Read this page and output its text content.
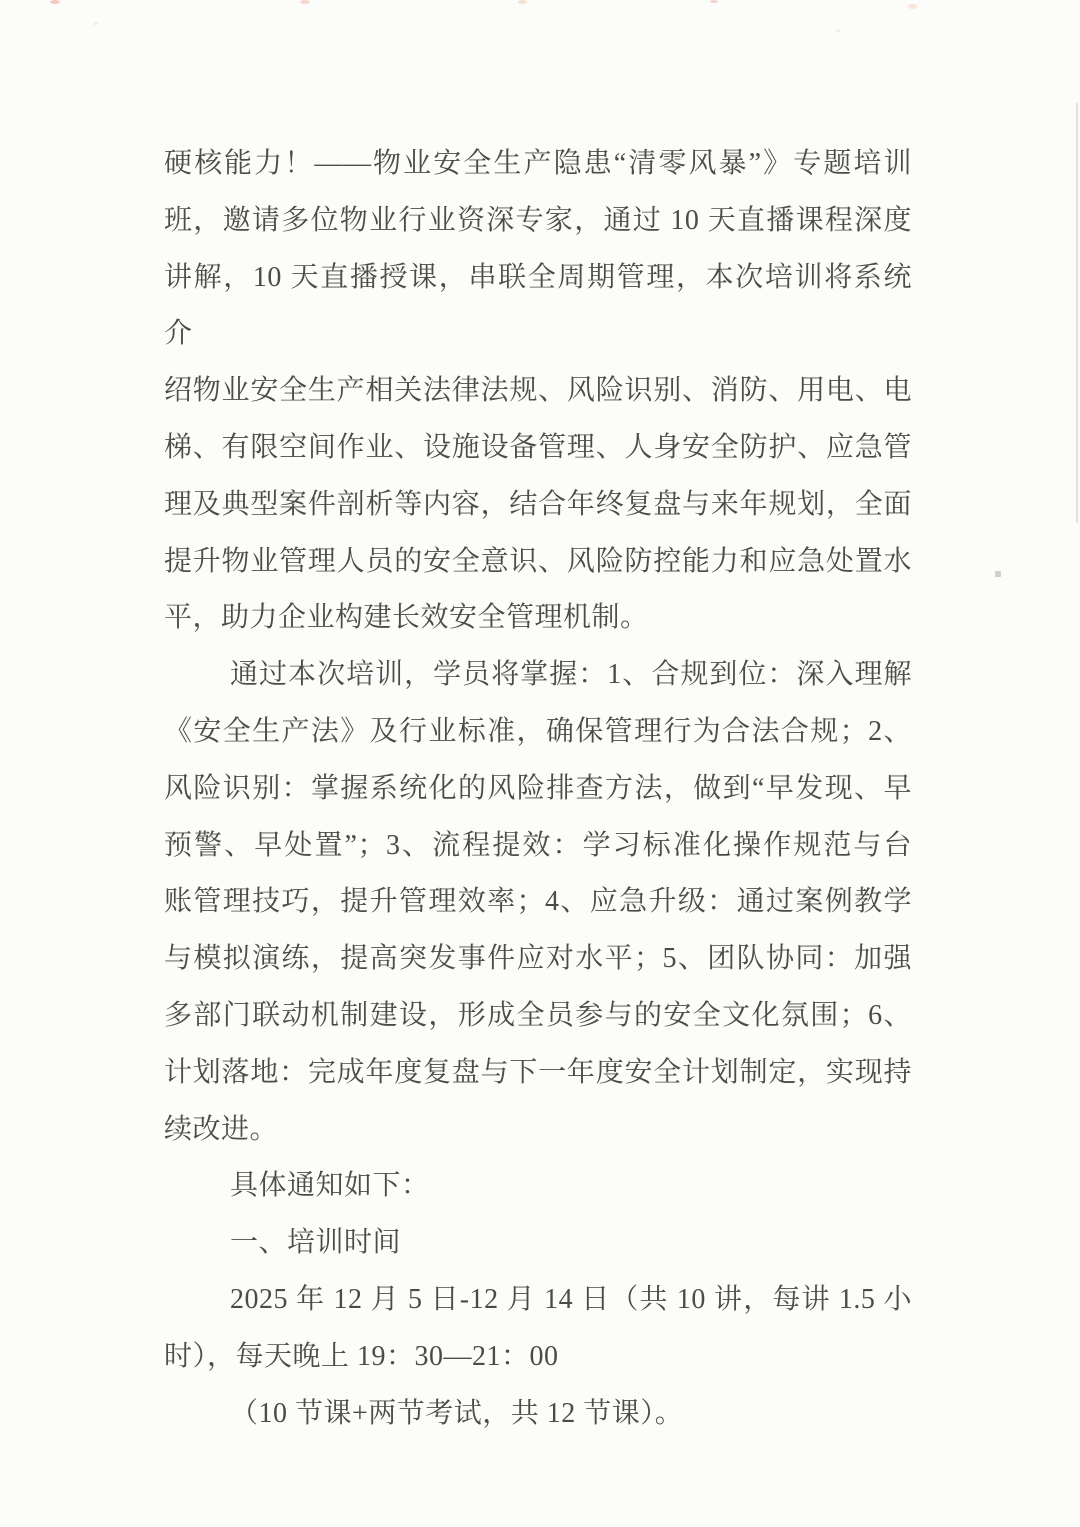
硬核能力！——物业安全生产隐患“清零风暴”》专题培训
班，邀请多位物业行业资深专家，通过 10 天直播课程深度
讲解，10 天直播授课，串联全周期管理，本次培训将系统介
绍物业安全生产相关法律法规、风险识别、消防、用电、电
梯、有限空间作业、设施设备管理、人身安全防护、应急管
理及典型案件剖析等内容，结合年终复盘与来年规划，全面
提升物业管理人员的安全意识、风险防控能力和应急处置水
平，助力企业构建长效安全管理机制。
通过本次培训，学员将掌握：1、合规到位：深入理解
《安全生产法》及行业标准，确保管理行为合法合规；2、
风险识别：掌握系统化的风险排查方法，做到“早发现、早
预警、早处置”；3、流程提效：学习标准化操作规范与台
账管理技巧，提升管理效率；4、应急升级：通过案例教学
与模拟演练，提高突发事件应对水平；5、团队协同：加强
多部门联动机制建设，形成全员参与的安全文化氛围；6、
计划落地：完成年度复盘与下一年度安全计划制定，实现持
续改进。
具体通知如下：
一、培训时间
2025 年 12 月 5 日-12 月 14 日（共 10 讲，每讲 1.5 小
时），每天晚上 19：30—21：00
（10 节课+两节考试，共 12 节课）。
